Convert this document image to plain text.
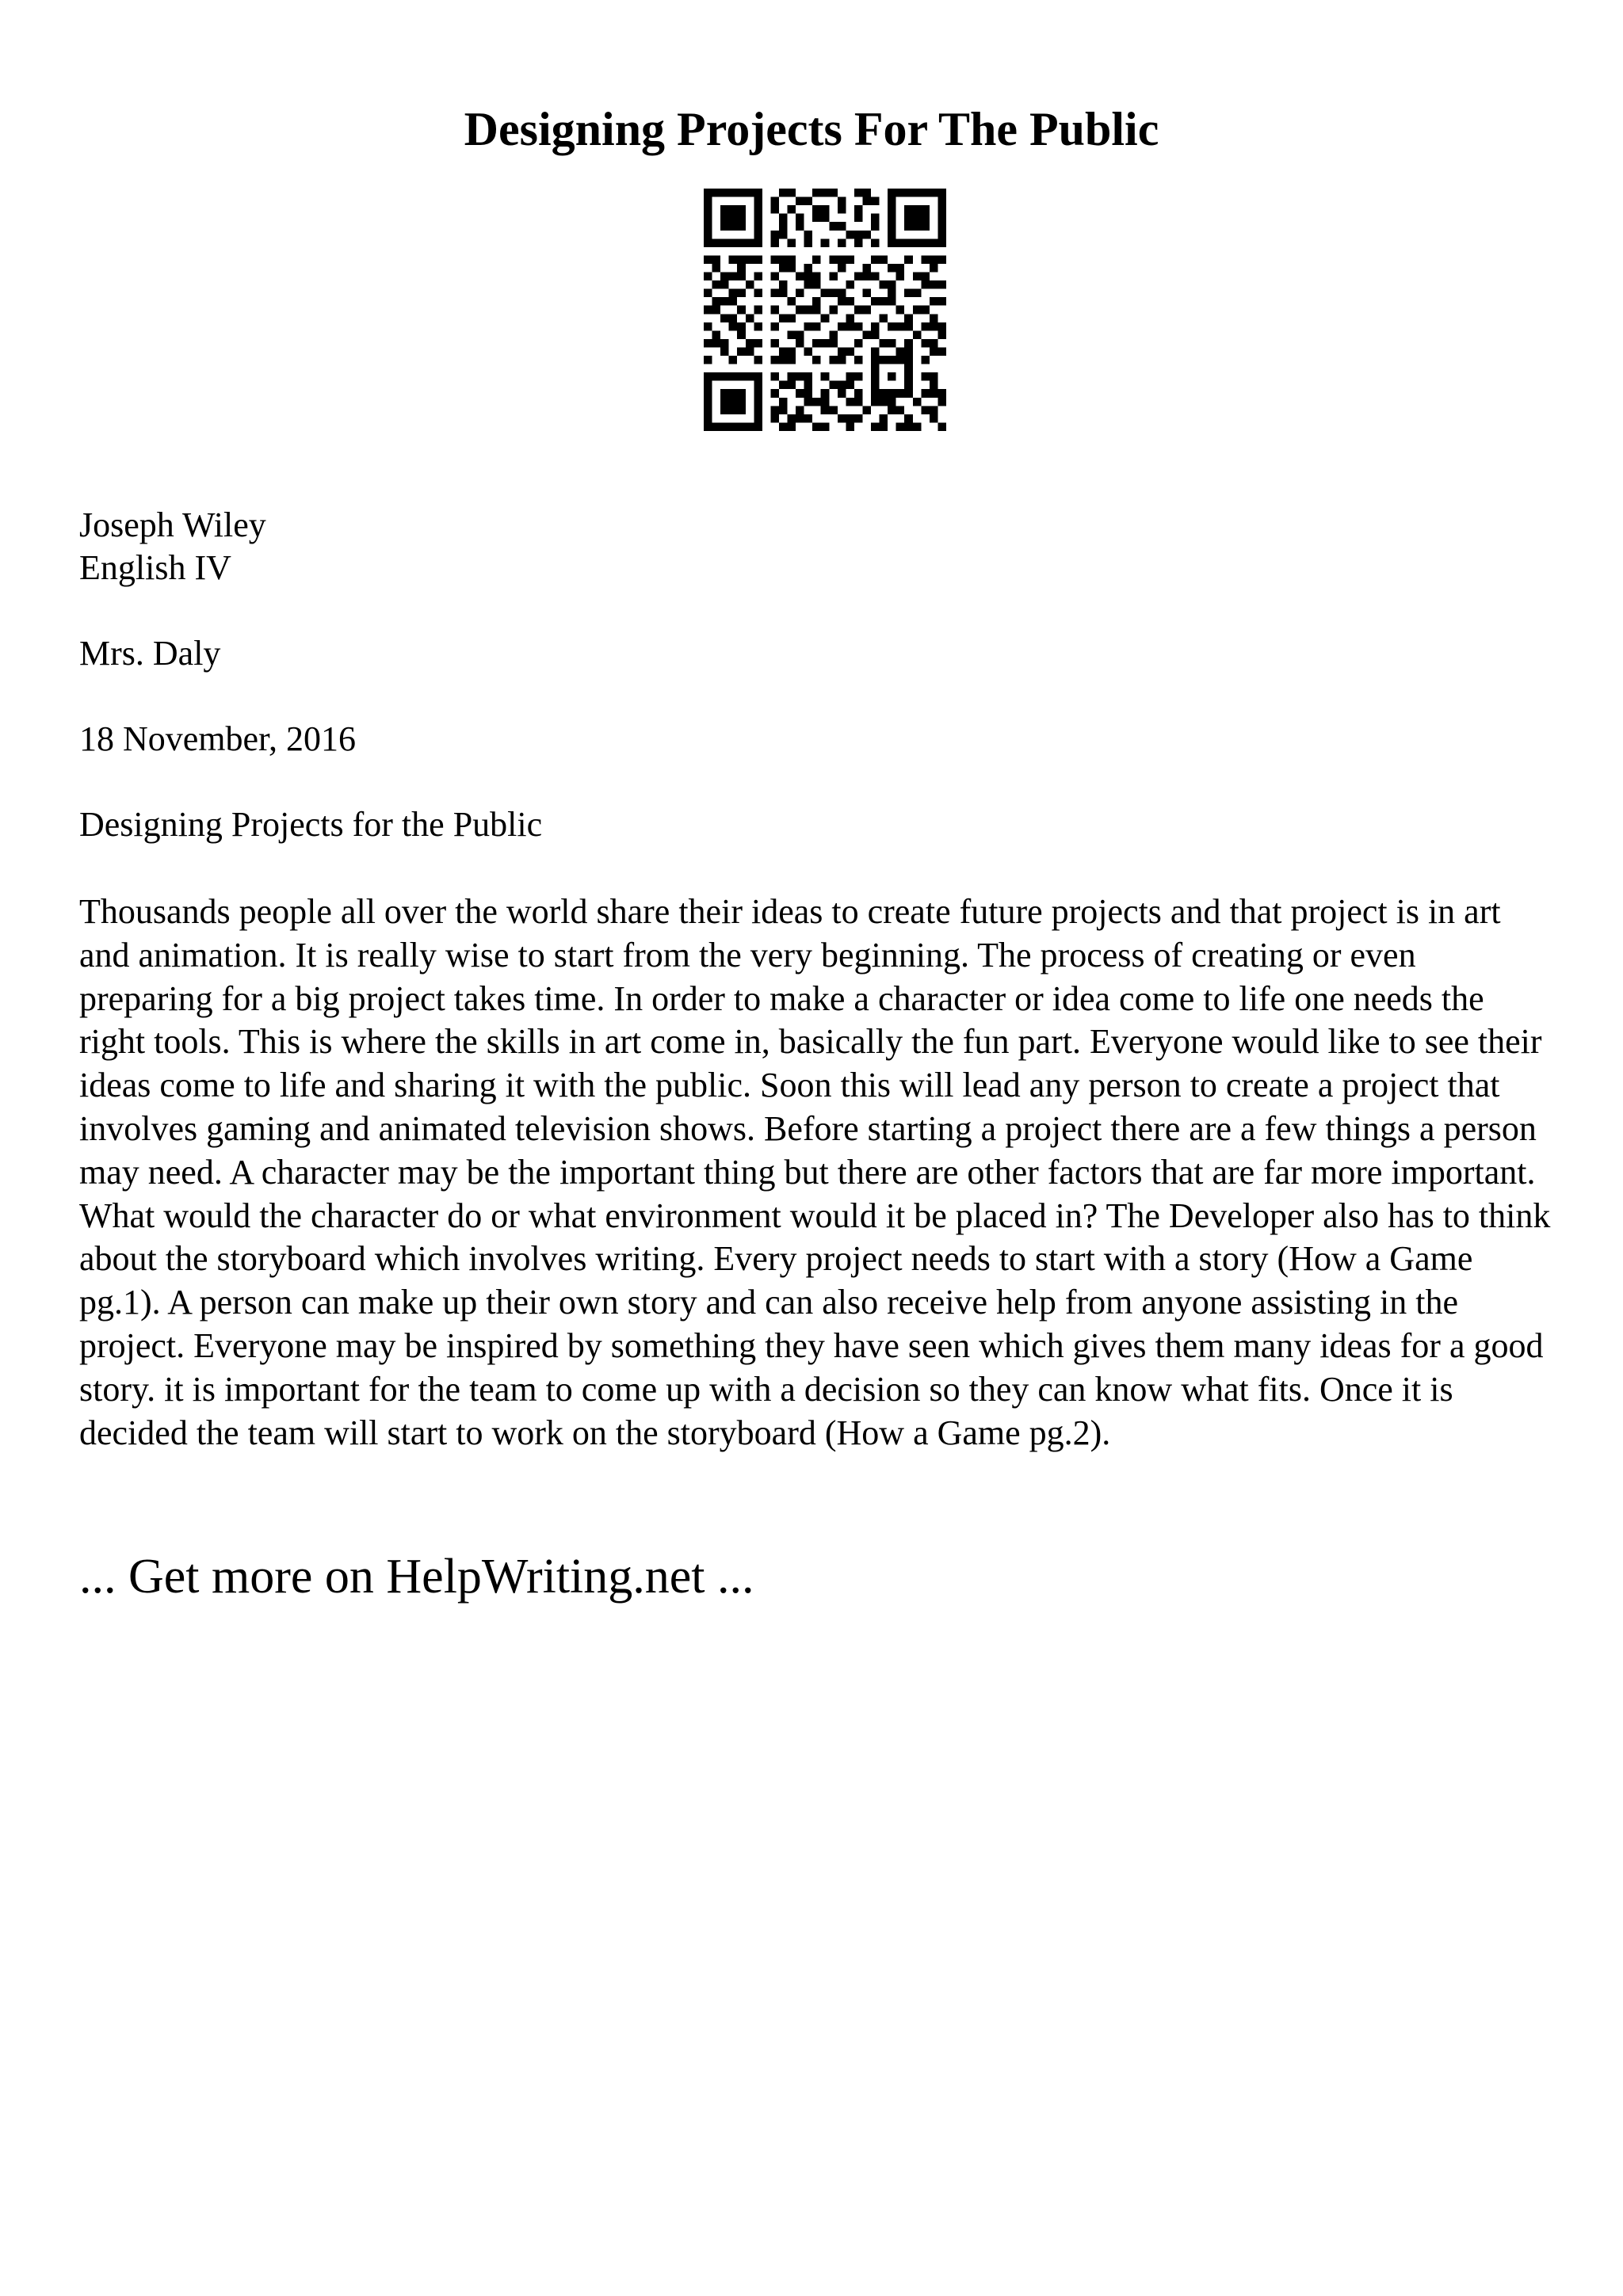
Designing Projects For The Public

Joseph Wiley

English IV

Mrs. Daly

18 November, 2016

Designing Projects for the Public

Thousands people all over the world share their ideas to create future projects and that project is in art and animation. It is really wise to start from the very beginning. The process of creating or even preparing for a big project takes time. In order to make a character or idea come to life one needs the right tools. This is where the skills in art come in, basically the fun part. Everyone would like to see their ideas come to life and sharing it with the public. Soon this will lead any person to create a project that involves gaming and animated television shows. Before starting a project there are a few things a person may need. A character may be the important thing but there are other factors that are far more important. What would the character do or what environment would it be placed in? The Developer also has to think about the storyboard which involves writing. Every project needs to start with a story (How a Game pg.1). A person can make up their own story and can also receive help from anyone assisting in the project. Everyone may be inspired by something they have seen which gives them many ideas for a good story. it is important for the team to come up with a decision so they can know what fits. Once it is decided the team will start to work on the storyboard (How a Game pg.2).

... Get more on HelpWriting.net ...
